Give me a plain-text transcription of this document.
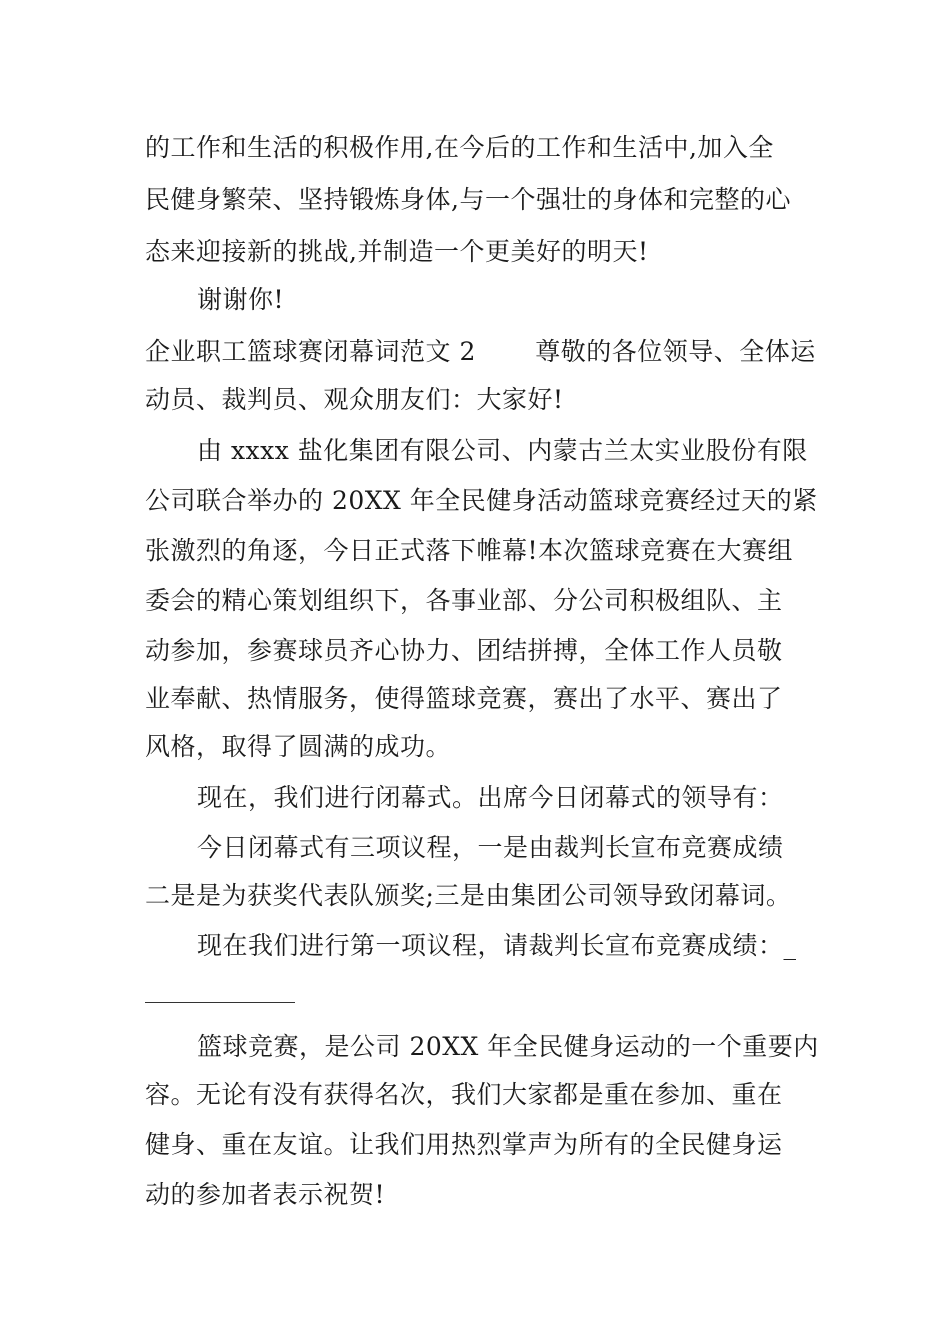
的工作和生活的积极作用,在今后的工作和生活中,加入全
民健身繁荣、坚持锻炼身体,与一个强壮的身体和完整的心
态来迎接新的挑战,并制造一个更美好的明天!
谢谢你!
企业职工篮球赛闭幕词范文 2　　 尊敬的各位领导、全体运
动员、裁判员、观众朋友们：大家好!
由 xxxx 盐化集团有限公司、内蒙古兰太实业股份有限
公司联合举办的 20XX 年全民健身活动篮球竞赛经过天的紧
张激烈的角逐，今日正式落下帷幕!本次篮球竞赛在大赛组
委会的精心策划组织下，各事业部、分公司积极组队、主
动参加，参赛球员齐心协力、团结拼搏，全体工作人员敬
业奉献、热情服务，使得篮球竞赛，赛出了水平、赛出了
风格，取得了圆满的成功。
现在，我们进行闭幕式。出席今日闭幕式的领导有：
今日闭幕式有三项议程，一是由裁判长宣布竞赛成绩
二是是为获奖代表队颁奖;三是由集团公司领导致闭幕词。
现在我们进行第一项议程，请裁判长宣布竞赛成绩：_
篮球竞赛，是公司 20XX 年全民健身运动的一个重要内
容。无论有没有获得名次，我们大家都是重在参加、重在
健身、重在友谊。让我们用热烈掌声为所有的全民健身运
动的参加者表示祝贺!
